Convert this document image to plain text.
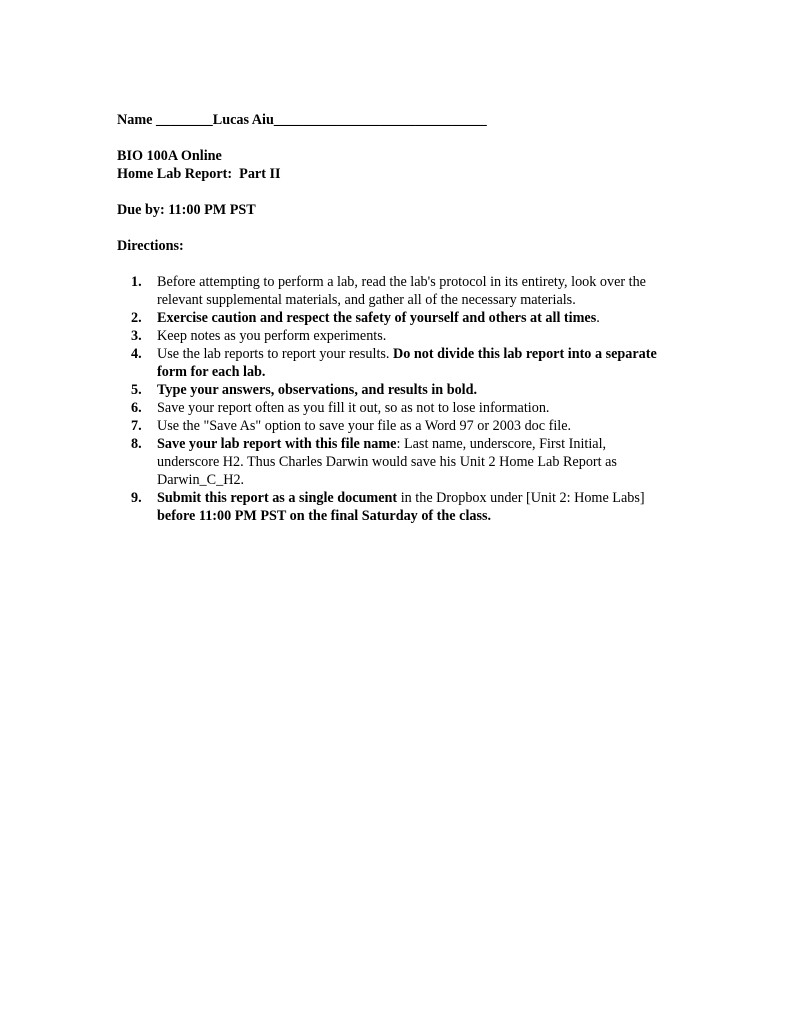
Name ________Lucas Aiu______________________________
BIO 100A Online
Home Lab Report:  Part II
Due by: 11:00 PM PST
Directions:
1. Before attempting to perform a lab, read the lab's protocol in its entirety, look over the relevant supplemental materials, and gather all of the necessary materials.
2. Exercise caution and respect the safety of yourself and others at all times.
3. Keep notes as you perform experiments.
4. Use the lab reports to report your results. Do not divide this lab report into a separate form for each lab.
5. Type your answers, observations, and results in bold.
6. Save your report often as you fill it out, so as not to lose information.
7. Use the "Save As" option to save your file as a Word 97 or 2003 doc file.
8. Save your lab report with this file name: Last name, underscore, First Initial, underscore H2. Thus Charles Darwin would save his Unit 2 Home Lab Report as Darwin_C_H2.
9. Submit this report as a single document in the Dropbox under [Unit 2: Home Labs] before 11:00 PM PST on the final Saturday of the class.
